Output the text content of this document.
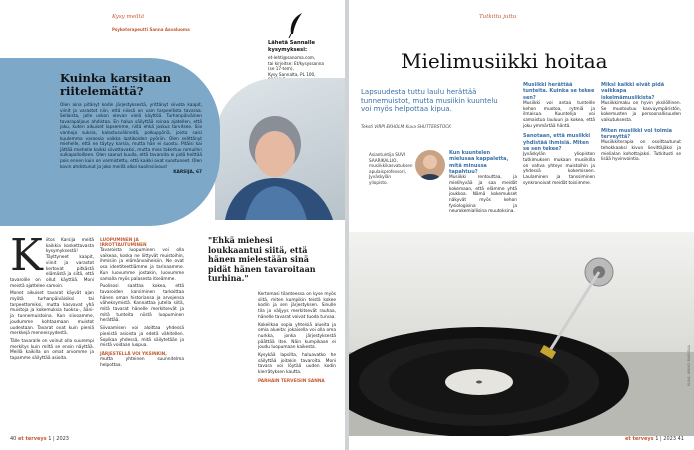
Kysy meiltä
Psykoterapeutti Sanna Aavaluoma
Lähetä Sannalle kysymyksesi:
et-lehti@sanoma.com,
tai kirjeitse: Et/kysyssanna
(se 17-tem),
Kysy Sannalta, PL 100,
Kuinka karsitaan riitelemättä?
Olen aina pitänyt kodin järjestyksestä, yrittänyt siivota kaapit, viinit ja varastot niin, että niissä on vain tarpeellista tavaraa. Sellaista, jolle uskon olevan vielä käyttöä. Turhanpäiväinen tavarapaljous ahdistaa. En halua säilyttää roinaa ajatellen, että joku, kuten aikuiset lapsemme, niitä ehkä joskus tarvitsee. Siis vanhoja suksia, kalastusvälineitä, polkupyöriä, joista saisi kuulemma varaosia vaikka laatikoiden pyöriin. Olen selittänyt miehelle, että ne täytyy karsia, mutta hän ei suostu. Pitäisi kai jättää miehelle kaikki siivottavaksi, mutta mies takertuu romuihin sulkapalloilleen. Olen saanut kuulla, että tavaroita ei pidä heittää pois ennen kuin on varmistettu, että kaikki ovat suostuneet. Olen kovin ahdistunut ja joko meillä alkoi kuolinsiivous!
KARSIJA, 67
K iitos Karsija meitä kaikkia koskettavasta kysymyksestä! Täyttyneet kaapit, viinit ja varastot kertovat pitkästä elämästä ja siitä, että tavaroille on ollut käyttöä. Moni meistä ajattelee samoin.

Monet aikuiset tavarat käyvät ajan myötä turhanpäiväisiksi tai tarpeettomiksi, mutta kasvavat yhä muistoja ja kokemuksia tuoksu-, ääni- ja tunnemuistoina. Kun siivoamme, joudumme kohtaamaan muistot uudestaan. Tavarat ovat kuin pieniä merkkejä menneisyydestä.

Tälle tavaralle on voinut olla suurempi merkitys kuin miltä se ensin näyttää. Meillä kaikilla on omat arvomme ja tapamme säilyttää asioita.

LUOPUMINEN JA IRROTTAUTUMINEN

Tavaroista luopuminen voi olla vaikeaa, koska ne liittyvät muistoihin, ihmisiin ja elämänvaiheisiin. Ne ovat osa identiteettiämme ja tarinaamme. Kun luovumme jostakin, luovumme samalla myös palasesta itseämme.

Puolisosi saattaa kokea, että tavaroiden karsiminen tarkoittaa hänen oman historiansa ja arvojensa väheksymistä. Kannattaa jutella siitä, mitä tavarat hänelle merkitsevät ja mitä tunteita niistä luopuminen herättää.

Siivoamisen voi aloittaa yhdessä pienistä asioista ja edetä vähitellen. Sopikaa yhdessä, mitä säilytetään ja mistä voidaan luopua.

JÄRJESTELLÄ VOI YKSINKIN,

mutta yhteinen suunnitelma helpottaa.

"Ehkä miehesi loukkaantui siitä, että hänen mielestään sinä pidät hänen tavaroitaan turhina."

Kertomasi tilanteessa on kyse myös siitä, miten kumpikin teistä kokee kodin ja sen järjestyksen. Sinulle tila ja väljyys merkitsevät rauhaa, hänelle tavarat voivat tuoda turvaa.

Kokeilkaa sopia yhteisiä alueita ja omia alueita: jokaisella voi olla oma nurkka, jonka järjestyksestä päättää itse. Näin kumpikaan ei joudu luopumaan kaikesta.

Kysykää lapsilta, haluavatko he säilyttää joitakin tavaroita. Moni tavara voi löytää uuden kodin kierrätyksen kautta.

PARHAIN TERVEISIN SANNA
40 et terveys 1 | 2023
Tutkittu juttu
Mielimusiikki hoitaa
Lapsuudesta tuttu laulu herättää tunnemuistot, mutta musiikin kuuntelu voi myös helpottaa kipua.
Teksti VIRPI EKHOLM Kuva SHUTTERSTOCK
Asiantuntija SUVI SAARIKALLIO, musiikkikasvatuksen apulaisprofessori, Jyväskylän yliopisto.
Kun kuuntelen mielusaa kappaletta, mitä minussa tapahtuu?

Musiikki rentouttaa, ja mielihyvää ja saa meidät kokemaan, että elämme yhtä joukkoa. Nämä kokemukset näkyvät myös kehon fysiologisina ja neurokemiallisina muutoksina.

Musiikki herättää tunteita. Kuinka se tekee sen?

Musiikki voi antaa tunteille kehon muotoa, rytmiä ja ilmaisua. Kuuntelija voi samaistua lauluun ja kokea, että joku ymmärtää häntä.

Sanotaan, että musiikki yhdistää ihmisiä. Miten se sen tekee?

Jyväskylän yliopiston tutkimuksen mukaan musiikilla on vahva yhteys muistoihin ja yhdessä kokemiseen. Laulaminen ja tanssiminen synkronoivat meidät toisiimme.

Miksi kaikki eivät pidä vaikkapa iskelmämusiikista?

Musiikkimaku on hyvin yksilöllinen. Se muotoutuu kasvuympäristön, kokemusten ja persoonallisuuden vaikutuksesta.

Miten musiikki voi toimia terveyttä?

Musiikkiterapia on osoittautunut tehokkaaksi kivun lievittäjäksi ja mielialan kohottajaksi. Tutkitusti se lisää hyvinvointia.

KUVA: MIKKO MARIOLA
et terveys 1 | 2023 41
